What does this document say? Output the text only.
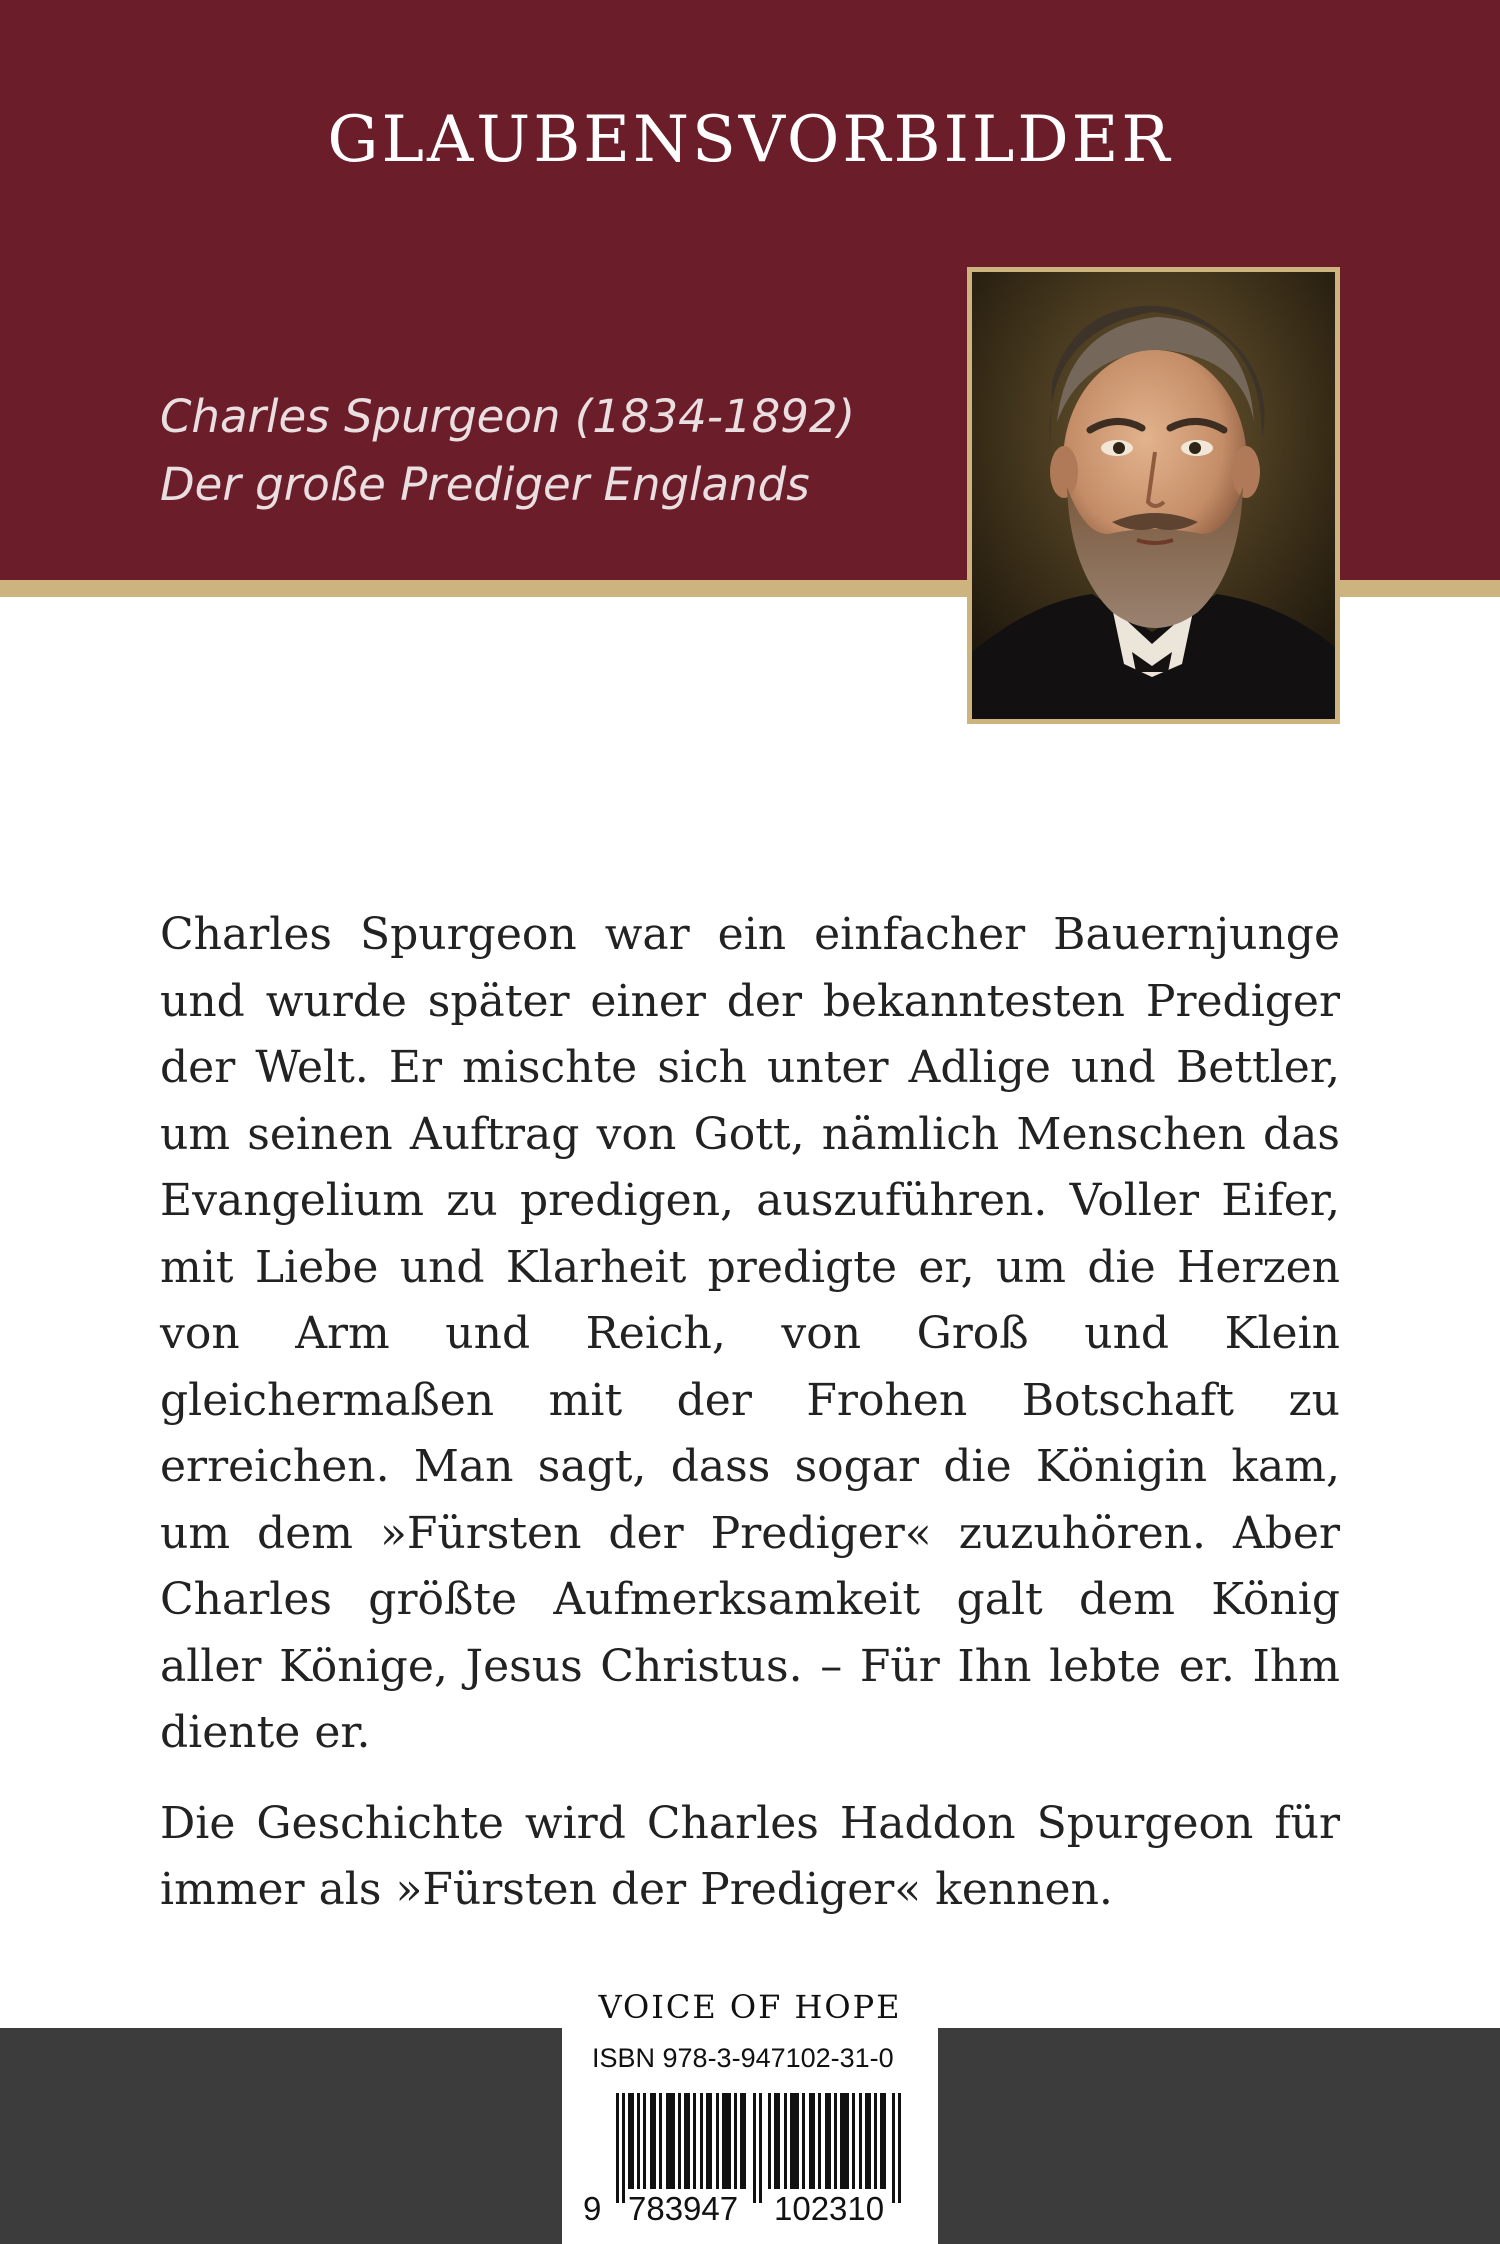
GLAUBENSVORBILDER
Charles Spurgeon (1834-1892)
Der große Prediger Englands

Charles Spurgeon war ein einfacher Bauernjunge und wurde später einer der bekanntesten Prediger der Welt. Er mischte sich unter Adlige und Bettler, um seinen Auftrag von Gott, nämlich Menschen das Evangelium zu predigen, auszuführen. Voller Eifer, mit Liebe und Klarheit predigte er, um die Herzen von Arm und Reich, von Groß und Klein gleichermaßen mit der Frohen Botschaft zu erreichen. Man sagt, dass sogar die Königin kam, um dem »Fürsten der Prediger« zuzuhören. Aber Charles größte Aufmerksamkeit galt dem König aller Könige, Jesus Christus. – Für Ihn lebte er. Ihm diente er.

Die Geschichte wird Charles Haddon Spurgeon für immer als »Fürsten der Prediger« kennen.

VOICE OF HOPE
ISBN 978-3-947102-31-0
9 783947 102310
